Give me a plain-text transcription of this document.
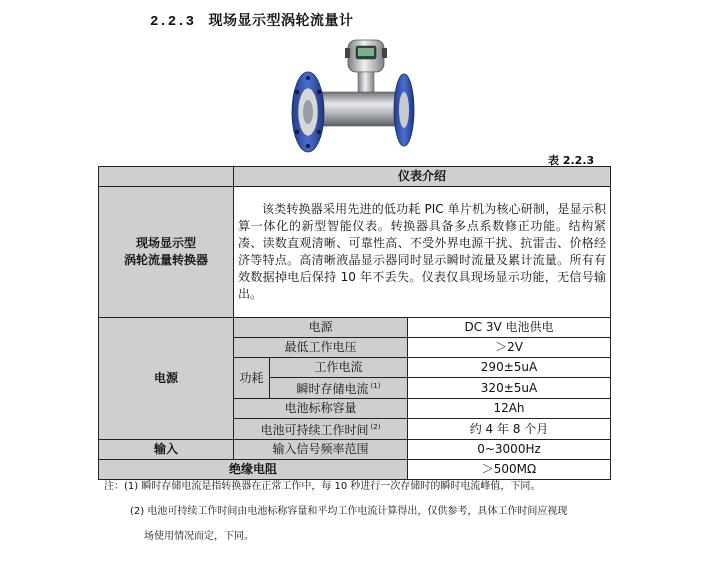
2.2.3 现场显示型涡轮流量计
表 2.2.3
	仪表介绍		

现场显示型
涡轮流量转换器	该类转换器采用先进的低功耗 PIC 单片机为核心研制，是显示积算一体化的新型智能仪表。转换器具备多点系数修正功能。结构紧凑、读数直观清晰、可靠性高、不受外界电源干扰、抗雷击、价格经济等特点。高清晰液晶显示器同时显示瞬时流量及累计流量。所有有效数据掉电后保持 10 年不丢失。仪表仅具现场显示功能，无信号输出。		
电源	电源		DC 3V 电池供电
	最低工作电压		＞2V
	功耗	工作电流	290±5uA
		瞬时存储电流 $^{(1)}$	320±5uA
	电池标称容量		12Ah
	电池可持续工作时间 $^{(2)}$		约 4 年 8 个月
输入	输入信号频率范围		0~3000Hz
绝缘电阻			＞500MΩ
注：(1) 瞬时存储电流是指转换器在正常工作中，每 10 秒进行一次存储时的瞬时电流峰值，下同。
(2) 电池可持续工作时间由电池标称容量和平均工作电流计算得出，仅供参考，具体工作时间应视现
场使用情况而定，下同。
